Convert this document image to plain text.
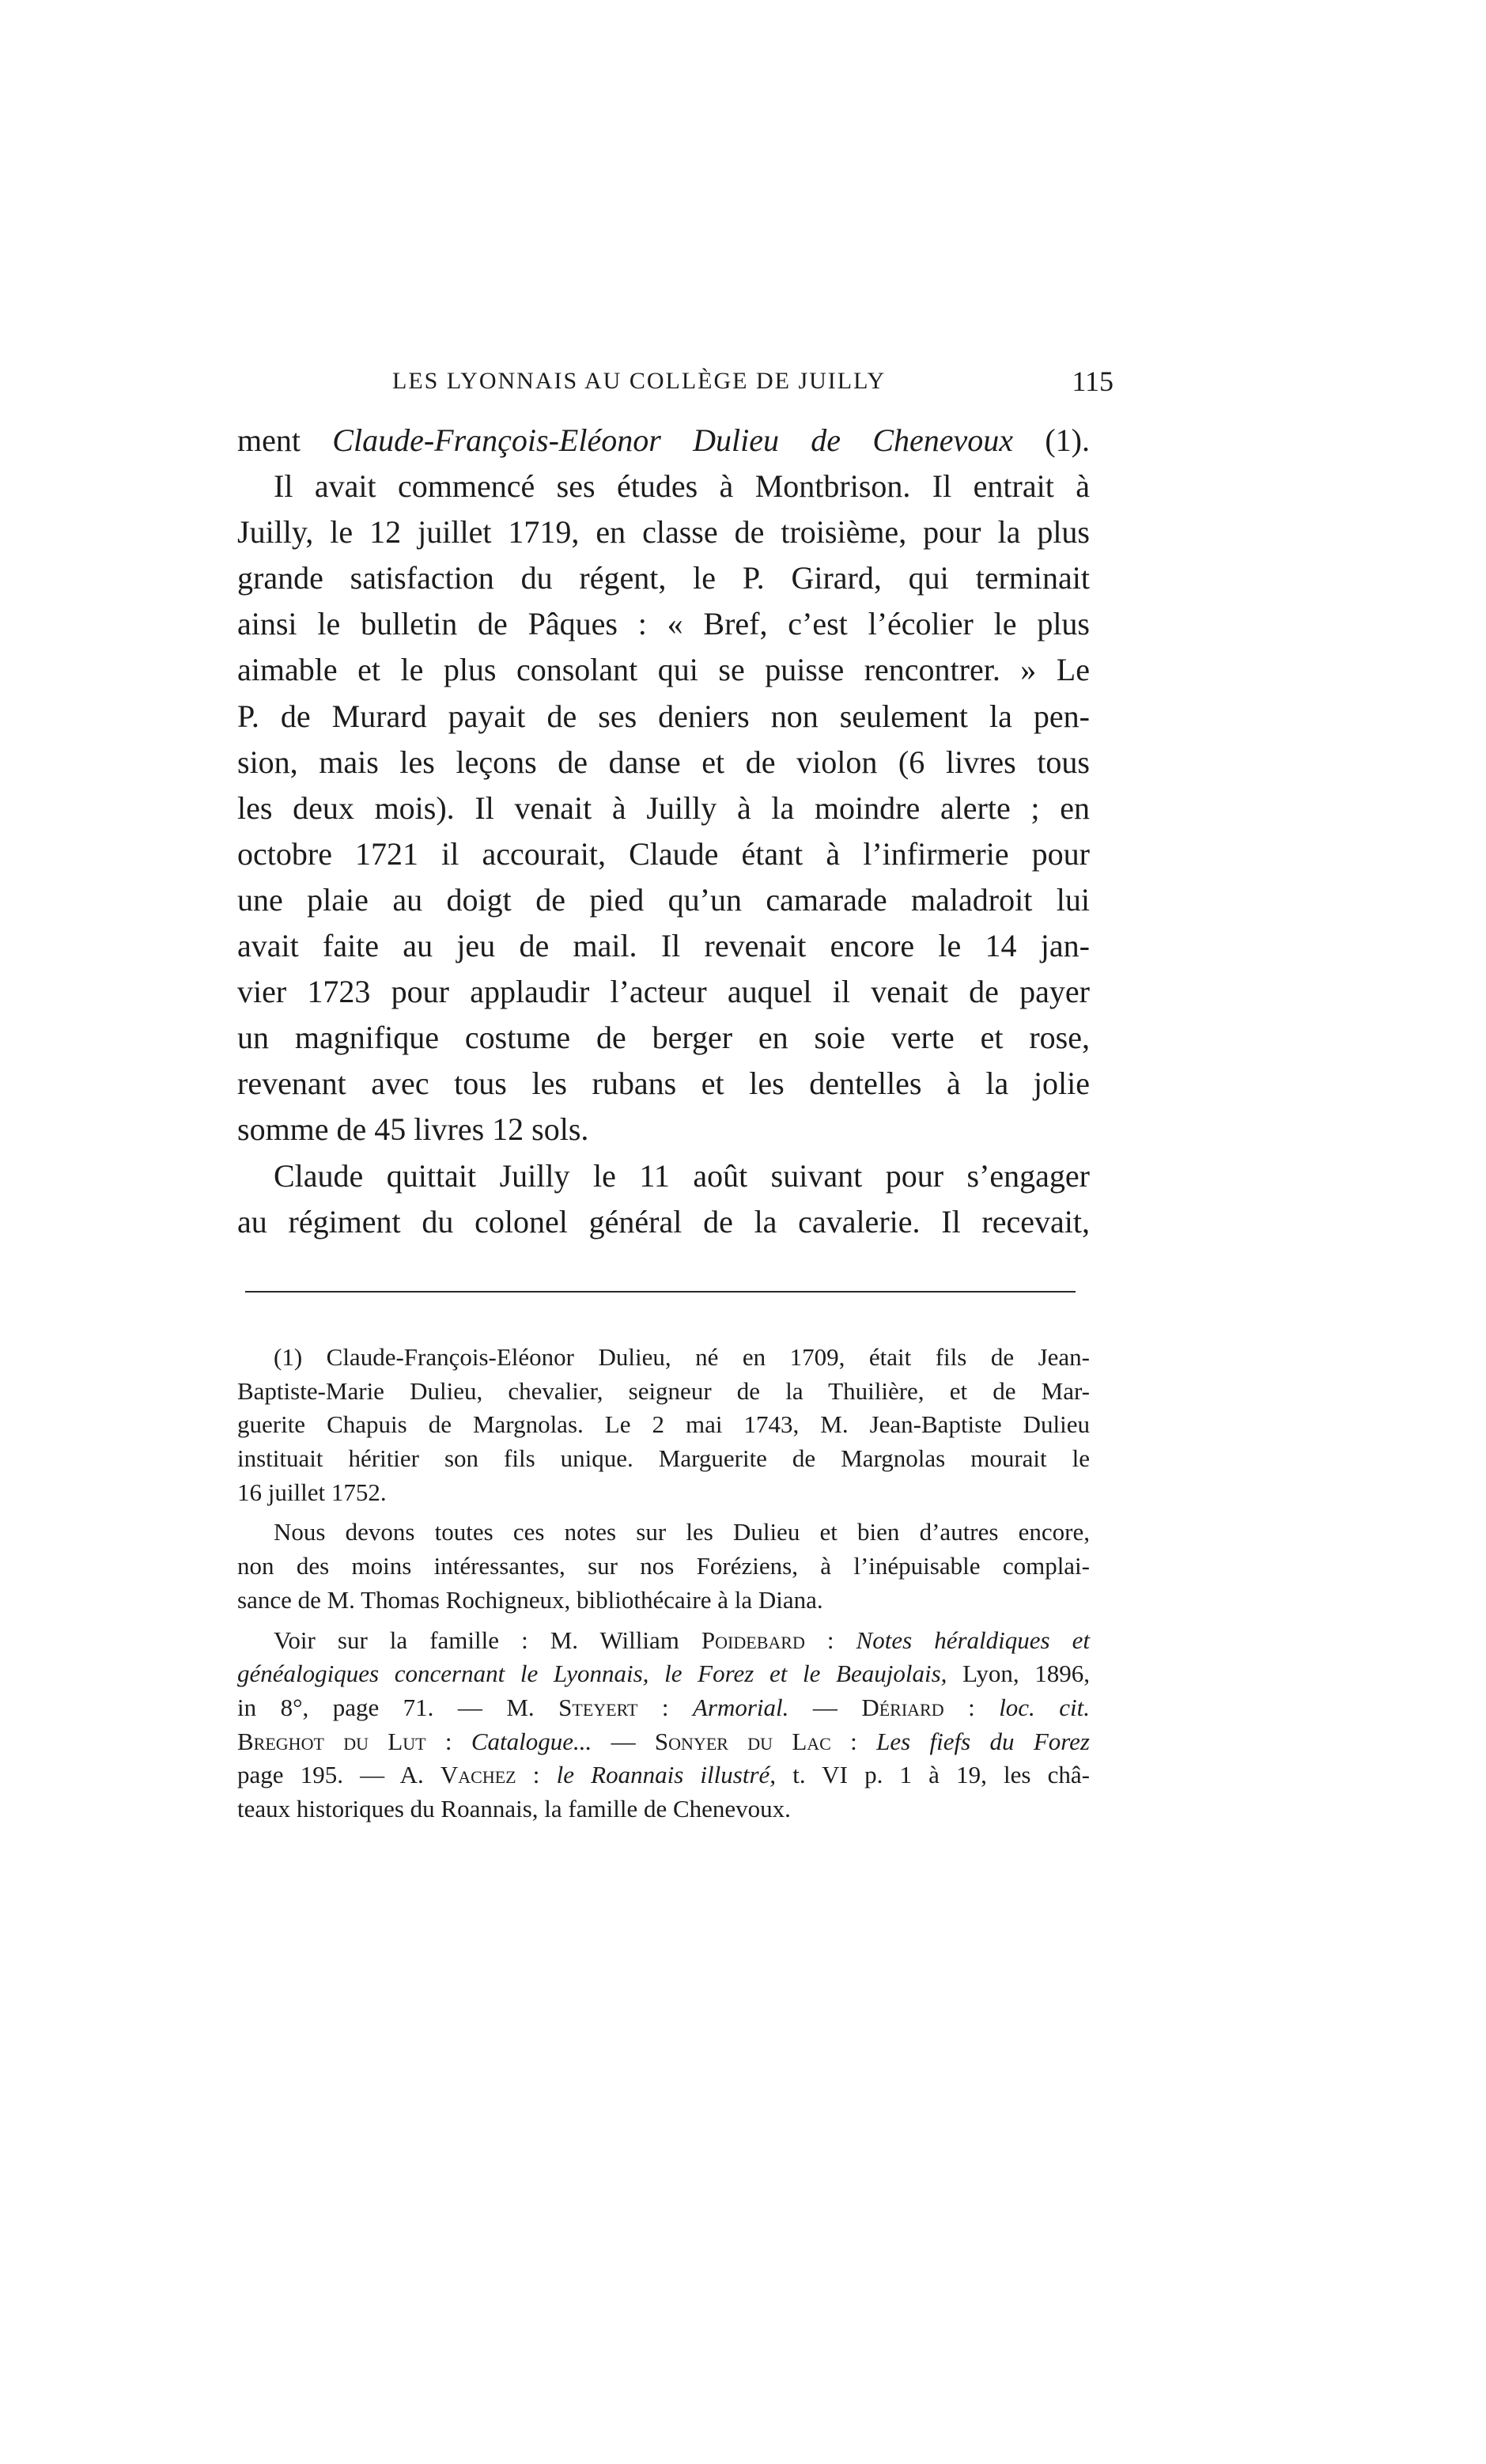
LES LYONNAIS AU COLLÈGE DE JUILLY	115
ment Claude-François-Eléonor Dulieu de Chenevoux (1).
Il avait commencé ses études à Montbrison. Il entrait à
Juilly, le 12 juillet 1719, en classe de troisième, pour la plus
grande satisfaction du régent, le P. Girard, qui terminait
ainsi le bulletin de Pâques : « Bref, c’est l’écolier le plus
aimable et le plus consolant qui se puisse rencontrer. » Le
P. de Murard payait de ses deniers non seulement la pen-
sion, mais les leçons de danse et de violon (6 livres tous
les deux mois). Il venait à Juilly à la moindre alerte ; en
octobre 1721 il accourait, Claude étant à l’infirmerie pour
une plaie au doigt de pied qu’un camarade maladroit lui
avait faite au jeu de mail. Il revenait encore le 14 jan-
vier 1723 pour applaudir l’acteur auquel il venait de payer
un magnifique costume de berger en soie verte et rose,
revenant avec tous les rubans et les dentelles à la jolie
somme de 45 livres 12 sols.
Claude quittait Juilly le 11 août suivant pour s’engager
au régiment du colonel général de la cavalerie. Il recevait,
(1) Claude-François-Eléonor Dulieu, né en 1709, était fils de Jean-
Baptiste-Marie Dulieu, chevalier, seigneur de la Thuilière, et de Mar-
guerite Chapuis de Margnolas. Le 2 mai 1743, M. Jean-Baptiste Dulieu
instituait héritier son fils unique. Marguerite de Margnolas mourait le
16 juillet 1752.
Nous devons toutes ces notes sur les Dulieu et bien d’autres encore,
non des moins intéressantes, sur nos Foréziens, à l’inépuisable complai-
sance de M. Thomas Rochigneux, bibliothécaire à la Diana.
Voir sur la famille : M. William Poidebard : Notes héraldiques et
généalogiques concernant le Lyonnais, le Forez et le Beaujolais, Lyon, 1896,
in 8°, page 71. — M. Steyert : Armorial. — Dériard : loc. cit.
Breghot du Lut : Catalogue... — Sonyer du Lac : Les fiefs du Forez
page 195. — A. Vachez : le Roannais illustré, t. VI p. 1 à 19, les châ-
teaux historiques du Roannais, la famille de Chenevoux.
